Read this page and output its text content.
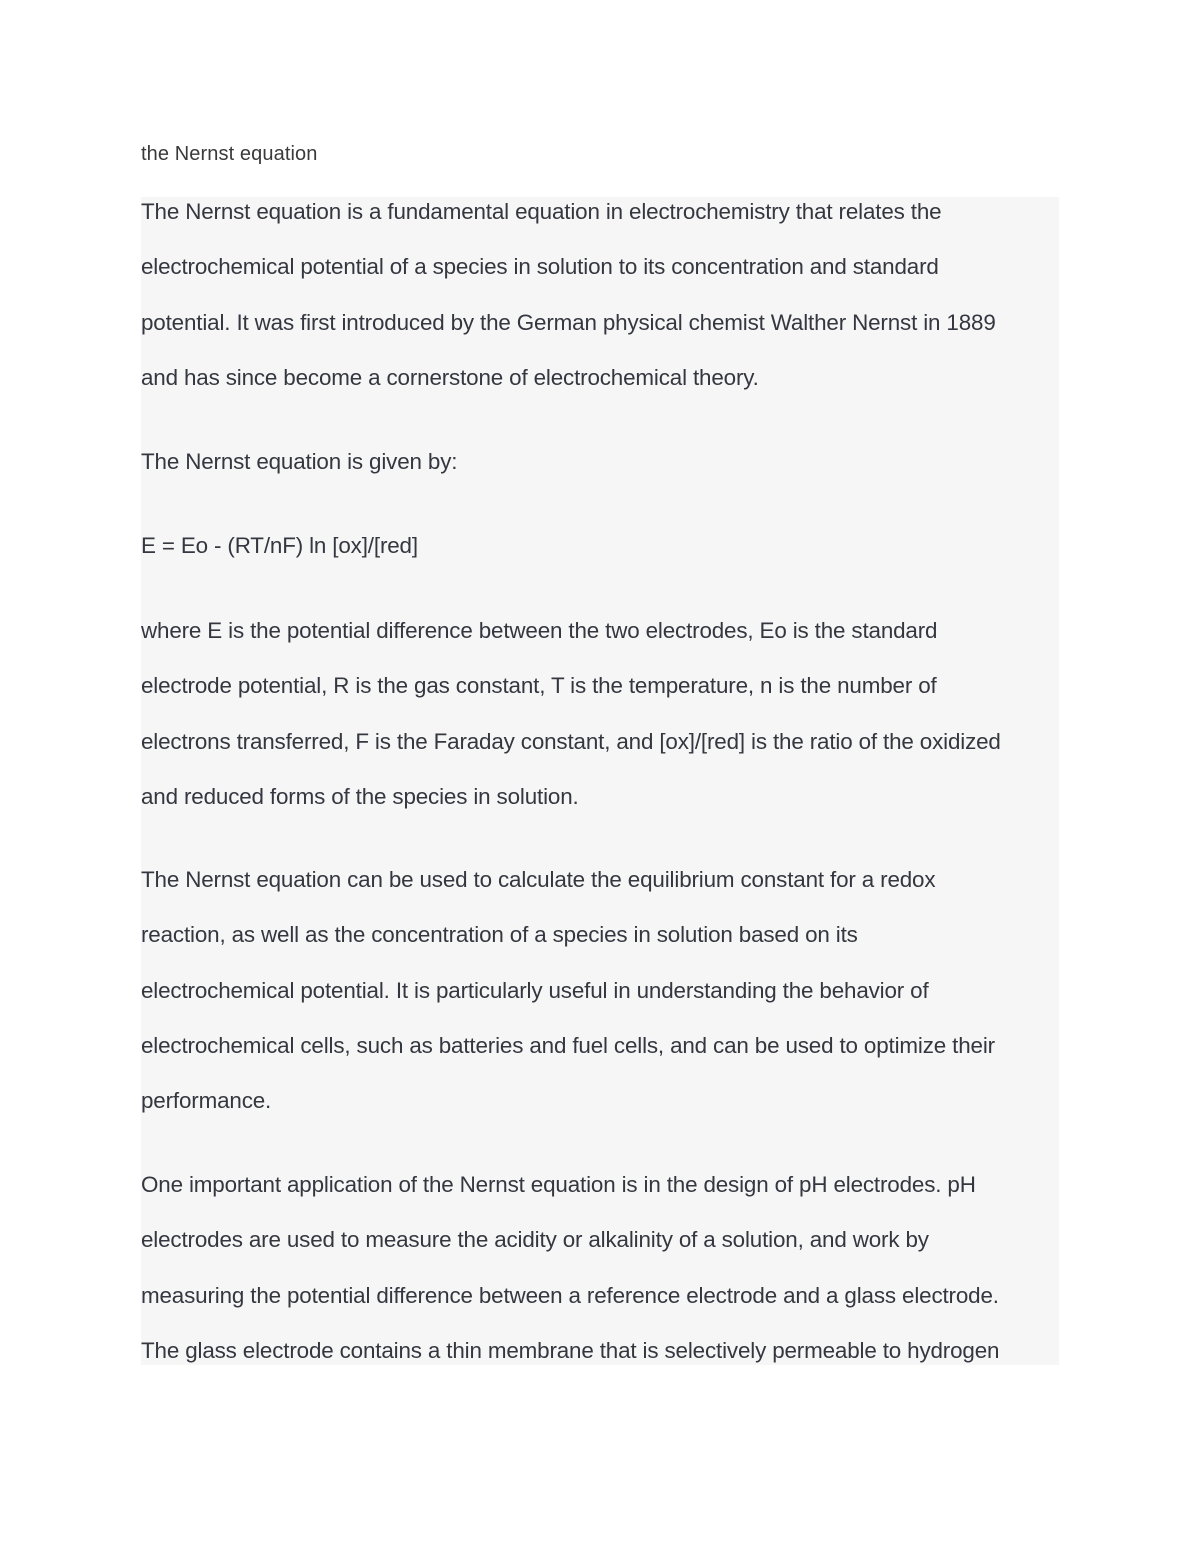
the Nernst equation

The Nernst equation is a fundamental equation in electrochemistry that relates the
electrochemical potential of a species in solution to its concentration and standard
potential. It was first introduced by the German physical chemist Walther Nernst in 1889
and has since become a cornerstone of electrochemical theory.

The Nernst equation is given by:

E = Eo - (RT/nF) ln [ox]/[red]

where E is the potential difference between the two electrodes, Eo is the standard
electrode potential, R is the gas constant, T is the temperature, n is the number of
electrons transferred, F is the Faraday constant, and [ox]/[red] is the ratio of the oxidized
and reduced forms of the species in solution.

The Nernst equation can be used to calculate the equilibrium constant for a redox
reaction, as well as the concentration of a species in solution based on its
electrochemical potential. It is particularly useful in understanding the behavior of
electrochemical cells, such as batteries and fuel cells, and can be used to optimize their
performance.

One important application of the Nernst equation is in the design of pH electrodes. pH
electrodes are used to measure the acidity or alkalinity of a solution, and work by
measuring the potential difference between a reference electrode and a glass electrode.
The glass electrode contains a thin membrane that is selectively permeable to hydrogen
